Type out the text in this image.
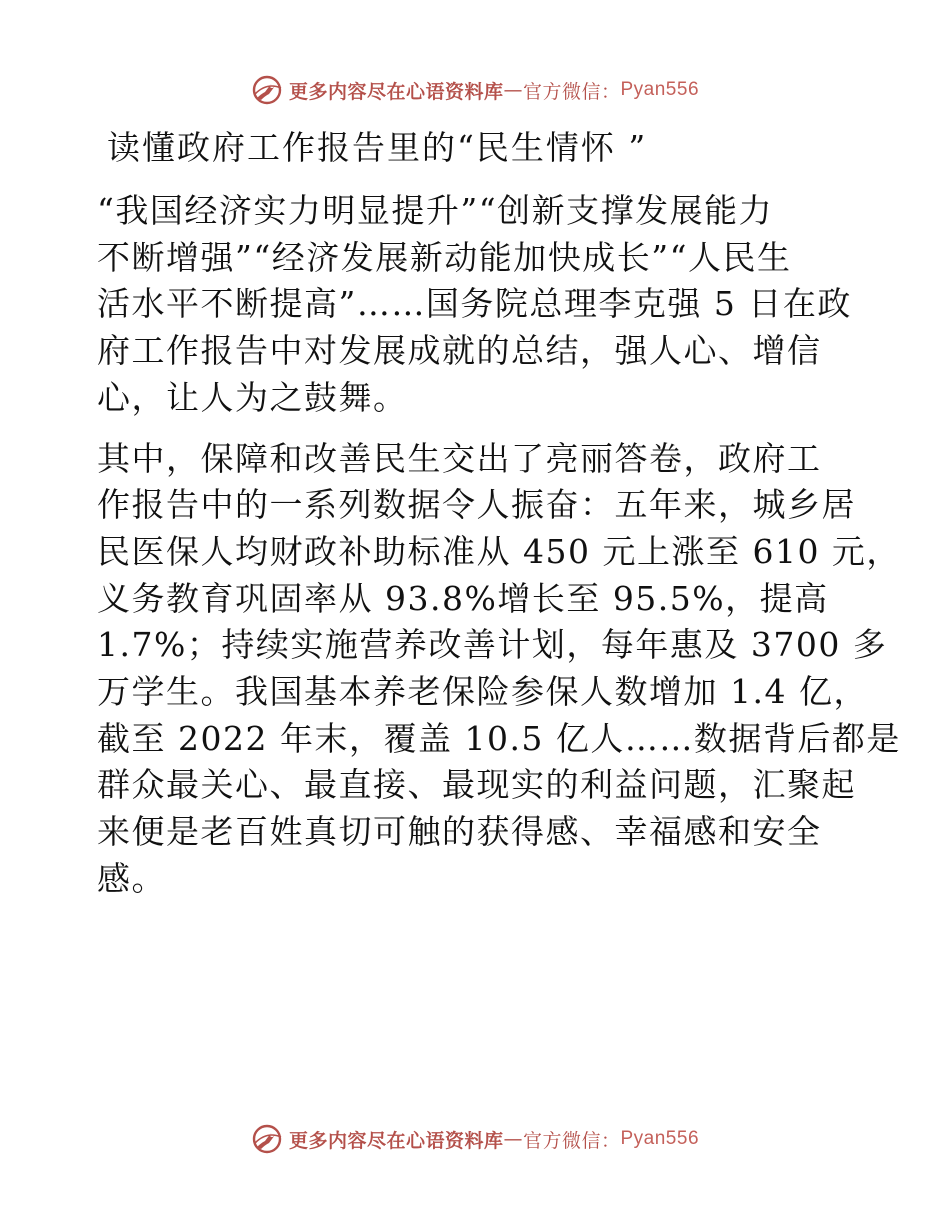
更多内容尽在心语资料库 — 官方微信： Pyan556
读懂政府工作报告里的“民生情怀 ”
“我国经济实力明显提升”“创新支撑发展能力
不断增强”“经济发展新动能加快成长”“人民生
活水平不断提高”……国务院总理李克强 5 日在政
府工作报告中对发展成就的总结，强人心、增信
心，让人为之鼓舞。
其中，保障和改善民生交出了亮丽答卷，政府工
作报告中的一系列数据令人振奋：五年来，城乡居
民医保人均财政补助标准从 450 元上涨至 610 元，
义务教育巩固率从 93.8%增长至 95.5%，提高
1.7%；持续实施营养改善计划，每年惠及 3700 多
万学生。我国基本养老保险参保人数增加 1.4 亿，
截至 2022 年末，覆盖 10.5 亿人……数据背后都是
群众最关心、最直接、最现实的利益问题，汇聚起
来便是老百姓真切可触的获得感、幸福感和安全
感。
更多内容尽在心语资料库 — 官方微信： Pyan556
